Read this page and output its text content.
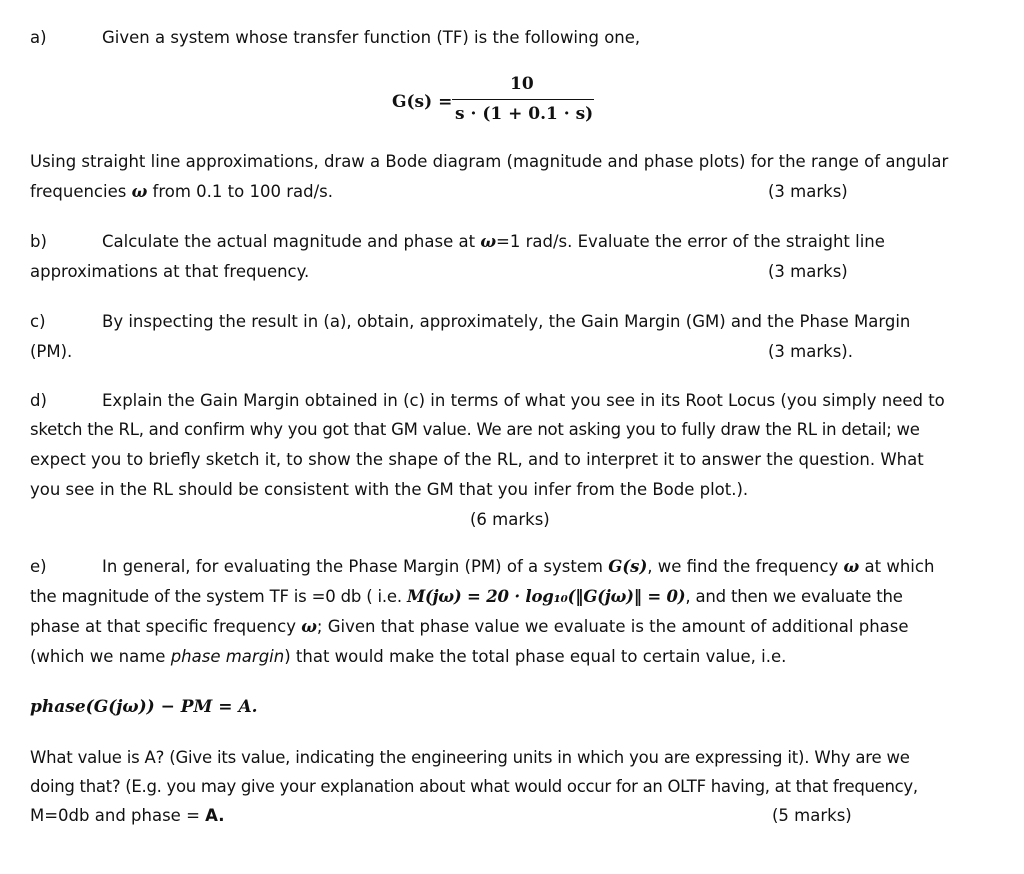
a)	Given a system whose transfer function (TF) is the following one,
G(s) =
10
s · (1 + 0.1 · s)
Using straight line approximations, draw a Bode diagram (magnitude and phase plots) for the range of angular
frequencies ω from 0.1 to 100 rad/s.	(3 marks)
b)	Calculate the actual magnitude and phase at ω=1 rad/s. Evaluate the error of the straight line
approximations at that frequency.	(3 marks)
c)	By inspecting the result in (a), obtain, approximately, the Gain Margin (GM) and the Phase Margin
(PM).	(3 marks).
d)	Explain the Gain Margin obtained in (c) in terms of what you see in its Root Locus (you simply need to
sketch the RL, and confirm why you got that GM value. We are not asking you to fully draw the RL in detail; we
expect you to briefly sketch it, to show the shape of the RL, and to interpret it to answer the question. What
you see in the RL should be consistent with the GM that you infer from the Bode plot.).
(6 marks)
e)	In general, for evaluating the Phase Margin (PM) of a system G(s), we find the frequency ω at which
the magnitude of the system TF is =0 db ( i.e. M(jω) = 20 · log₁₀(‖G(jω)‖ = 0), and then we evaluate the
phase at that specific frequency ω; Given that phase value we evaluate is the amount of additional phase
(which we name phase margin) that would make the total phase equal to certain value, i.e.
phase(G(jω)) − PM = A.
What value is A? (Give its value, indicating the engineering units in which you are expressing it). Why are we
doing that? (E.g. you may give your explanation about what would occur for an OLTF having, at that frequency,
M=0db and phase = A.	(5 marks)
